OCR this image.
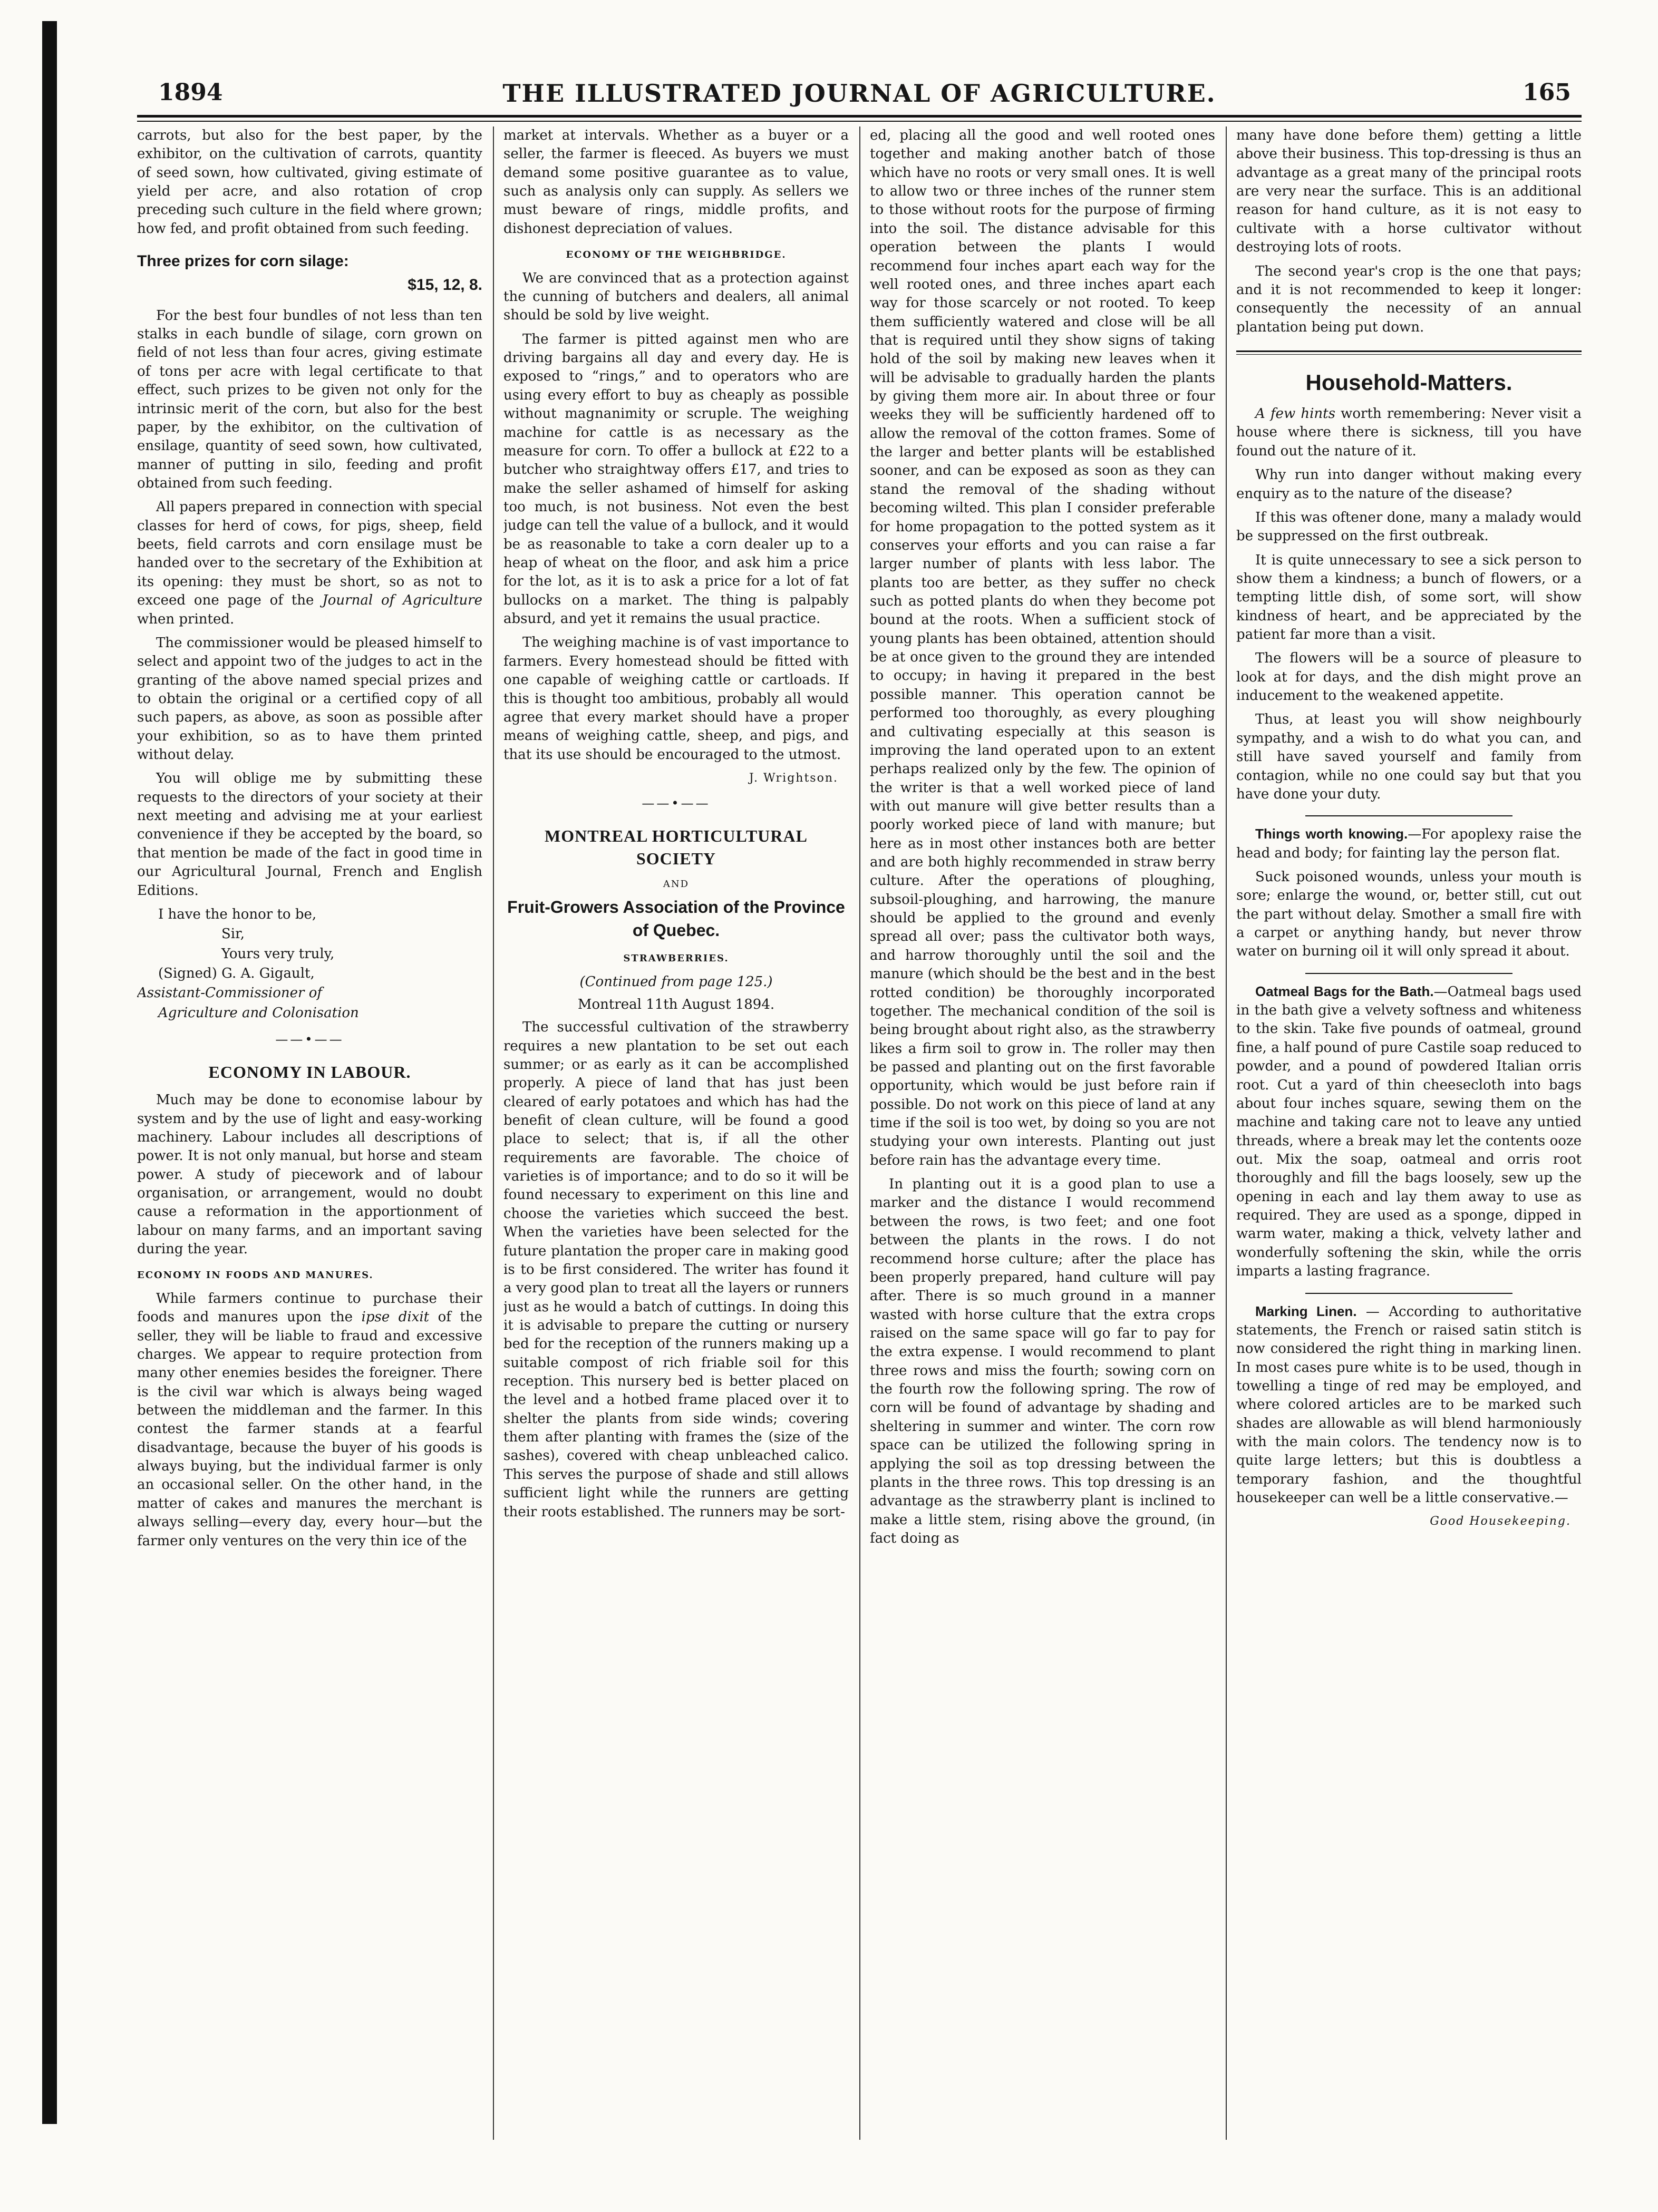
1894	THE ILLUSTRATED JOURNAL OF AGRICULTURE.	165

carrots, but also for the best paper, by the exhibitor, on the cultivation of carrots, quantity of seed sown, how cultivated, giving estimate of yield per acre, and also rotation of crop preceding such culture in the field where grown; how fed, and profit obtained from such feeding.

Three prizes for corn silage:
$15, 12, 8.

For the best four bundles of not less than ten stalks in each bundle of silage, corn grown on field of not less than four acres, giving estimate of tons per acre with legal certificate to that effect, such prizes to be given not only for the intrinsic merit of the corn, but also for the best paper, by the exhibitor, on the cultivation of ensilage, quantity of seed sown, how cultivated, manner of putting in silo, feeding and profit obtained from such feeding.

All papers prepared in connection with special classes for herd of cows, for pigs, sheep, field beets, field carrots and corn ensilage must be handed over to the secretary of the Exhibition at its opening: they must be short, so as not to exceed one page of the Journal of Agriculture when printed.

The commissioner would be pleased himself to select and appoint two of the judges to act in the granting of the above named special prizes and to obtain the original or a certified copy of all such papers, as above, as soon as possible after your exhibition, so as to have them printed without delay.

You will oblige me by submitting these requests to the directors of your society at their next meeting and advising me at your earliest convenience if they be accepted by the board, so that mention be made of the fact in good time in our Agricultural Journal, French and English Editions.

I have the honor to be,

Sir,

Yours very truly,

(Signed) G. A. Gigault,

Assistant-Commissioner of

Agriculture and Colonisation

——•——
ECONOMY IN LABOUR.

Much may be done to economise labour by system and by the use of light and easy-working machinery. Labour includes all descriptions of power. It is not only manual, but horse and steam power. A study of piecework and of labour organisation, or arrangement, would no doubt cause a reformation in the apportionment of labour on many farms, and an important saving during the year.

ECONOMY IN FOODS AND MANURES.

While farmers continue to purchase their foods and manures upon the ipse dixit of the seller, they will be liable to fraud and excessive charges. We appear to require protection from many other enemies besides the foreigner. There is the civil war which is always being waged between the middleman and the farmer. In this contest the farmer stands at a fearful disadvantage, because the buyer of his goods is always buying, but the individual farmer is only an occasional seller. On the other hand, in the matter of cakes and manures the merchant is always selling—every day, every hour—but the farmer only ventures on the very thin ice of the

market at intervals. Whether as a buyer or a seller, the farmer is fleeced. As buyers we must demand some positive guarantee as to value, such as analysis only can supply. As sellers we must beware of rings, middle profits, and dishonest depreciation of values.

ECONOMY OF THE WEIGHBRIDGE.

We are convinced that as a protection against the cunning of butchers and dealers, all animal should be sold by live weight.

The farmer is pitted against men who are driving bargains all day and every day. He is exposed to “rings,” and to operators who are using every effort to buy as cheaply as possible without magnanimity or scruple. The weighing machine for cattle is as necessary as the measure for corn. To offer a bullock at £22 to a butcher who straightway offers £17, and tries to make the seller ashamed of himself for asking too much, is not business. Not even the best judge can tell the value of a bullock, and it would be as reasonable to take a corn dealer up to a heap of wheat on the floor, and ask him a price for the lot, as it is to ask a price for a lot of fat bullocks on a market. The thing is palpably absurd, and yet it remains the usual practice.

The weighing machine is of vast importance to farmers. Every homestead should be fitted with one capable of weighing cattle or cartloads. If this is thought too ambitious, probably all would agree that every market should have a proper means of weighing cattle, sheep, and pigs, and that its use should be encouraged to the utmost.

J. Wrightson.
——•——
MONTREAL HORTICULTURAL SOCIETY
AND
Fruit-Growers Association of the Province of Quebec.
STRAWBERRIES.
(Continued from page 125.)
Montreal 11th August 1894.

The successful cultivation of the strawberry requires a new plantation to be set out each summer; or as early as it can be accomplished properly. A piece of land that has just been cleared of early potatoes and which has had the benefit of clean culture, will be found a good place to select; that is, if all the other requirements are favorable. The choice of varieties is of importance; and to do so it will be found necessary to experiment on this line and choose the varieties which succeed the best. When the varieties have been selected for the future plantation the proper care in making good is to be first considered. The writer has found it a very good plan to treat all the layers or runners just as he would a batch of cuttings. In doing this it is advisable to prepare the cutting or nursery bed for the reception of the runners making up a suitable compost of rich friable soil for this reception. This nursery bed is better placed on the level and a hotbed frame placed over it to shelter the plants from side winds; covering them after planting with frames the (size of the sashes), covered with cheap unbleached calico. This serves the purpose of shade and still allows sufficient light while the runners are getting their roots established. The runners may be sort-

ed, placing all the good and well rooted ones together and making another batch of those which have no roots or very small ones. It is well to allow two or three inches of the runner stem to those without roots for the purpose of firming into the soil. The distance advisable for this operation between the plants I would recommend four inches apart each way for the well rooted ones, and three inches apart each way for those scarcely or not rooted. To keep them sufficiently watered and close will be all that is required until they show signs of taking hold of the soil by making new leaves when it will be advisable to gradually harden the plants by giving them more air. In about three or four weeks they will be sufficiently hardened off to allow the removal of the cotton frames. Some of the larger and better plants will be established sooner, and can be exposed as soon as they can stand the removal of the shading without becoming wilted. This plan I consider preferable for home propagation to the potted system as it conserves your efforts and you can raise a far larger number of plants with less labor. The plants too are better, as they suffer no check such as potted plants do when they become pot bound at the roots. When a sufficient stock of young plants has been obtained, attention should be at once given to the ground they are intended to occupy; in having it prepared in the best possible manner. This operation cannot be performed too thoroughly, as every ploughing and cultivating especially at this season is improving the land operated upon to an extent perhaps realized only by the few. The opinion of the writer is that a well worked piece of land with out manure will give better results than a poorly worked piece of land with manure; but here as in most other instances both are better and are both highly recommended in straw berry culture. After the operations of ploughing, subsoil-ploughing, and harrowing, the manure should be applied to the ground and evenly spread all over; pass the cultivator both ways, and harrow thoroughly until the soil and the manure (which should be the best and in the best rotted condition) be thoroughly incorporated together. The mechanical condition of the soil is being brought about right also, as the strawberry likes a firm soil to grow in. The roller may then be passed and planting out on the first favorable opportunity, which would be just before rain if possible. Do not work on this piece of land at any time if the soil is too wet, by doing so you are not studying your own interests. Planting out just before rain has the advantage every time.

In planting out it is a good plan to use a marker and the distance I would recommend between the rows, is two feet; and one foot between the plants in the rows. I do not recommend horse culture; after the place has been properly prepared, hand culture will pay after. There is so much ground in a manner wasted with horse culture that the extra crops raised on the same space will go far to pay for the extra expense. I would recommend to plant three rows and miss the fourth; sowing corn on the fourth row the following spring. The row of corn will be found of advantage by shading and sheltering in summer and winter. The corn row space can be utilized the following spring in applying the soil as top dressing between the plants in the three rows. This top dressing is an advantage as the strawberry plant is inclined to make a little stem, rising above the ground, (in fact doing as

many have done before them) getting a little above their business. This top-dressing is thus an advantage as a great many of the principal roots are very near the surface. This is an additional reason for hand culture, as it is not easy to cultivate with a horse cultivator without destroying lots of roots.

The second year's crop is the one that pays; and it is not recommended to keep it longer: consequently the necessity of an annual plantation being put down.

Household-Matters.

A few hints worth remembering: Never visit a house where there is sickness, till you have found out the nature of it.

Why run into danger without making every enquiry as to the nature of the disease?

If this was oftener done, many a malady would be suppressed on the first outbreak.

It is quite unnecessary to see a sick person to show them a kindness; a bunch of flowers, or a tempting little dish, of some sort, will show kindness of heart, and be appreciated by the patient far more than a visit.

The flowers will be a source of pleasure to look at for days, and the dish might prove an inducement to the weakened appetite.

Thus, at least you will show neighbourly sympathy, and a wish to do what you can, and still have saved yourself and family from contagion, while no one could say but that you have done your duty.

Things worth knowing.—For apoplexy raise the head and body; for fainting lay the person flat.

Suck poisoned wounds, unless your mouth is sore; enlarge the wound, or, better still, cut out the part without delay. Smother a small fire with a carpet or anything handy, but never throw water on burning oil it will only spread it about.

Oatmeal Bags for the Bath.—Oatmeal bags used in the bath give a velvety softness and whiteness to the skin. Take five pounds of oatmeal, ground fine, a half pound of pure Castile soap reduced to powder, and a pound of powdered Italian orris root. Cut a yard of thin cheesecloth into bags about four inches square, sewing them on the machine and taking care not to leave any untied threads, where a break may let the contents ooze out. Mix the soap, oatmeal and orris root thoroughly and fill the bags loosely, sew up the opening in each and lay them away to use as required. They are used as a sponge, dipped in warm water, making a thick, velvety lather and wonderfully softening the skin, while the orris imparts a lasting fragrance.

Marking Linen. — According to authoritative statements, the French or raised satin stitch is now considered the right thing in marking linen. In most cases pure white is to be used, though in towelling a tinge of red may be employed, and where colored articles are to be marked such shades are allowable as will blend harmoniously with the main colors. The tendency now is to quite large letters; but this is doubtless a temporary fashion, and the thoughtful housekeeper can well be a little conservative.—

Good Housekeeping.
